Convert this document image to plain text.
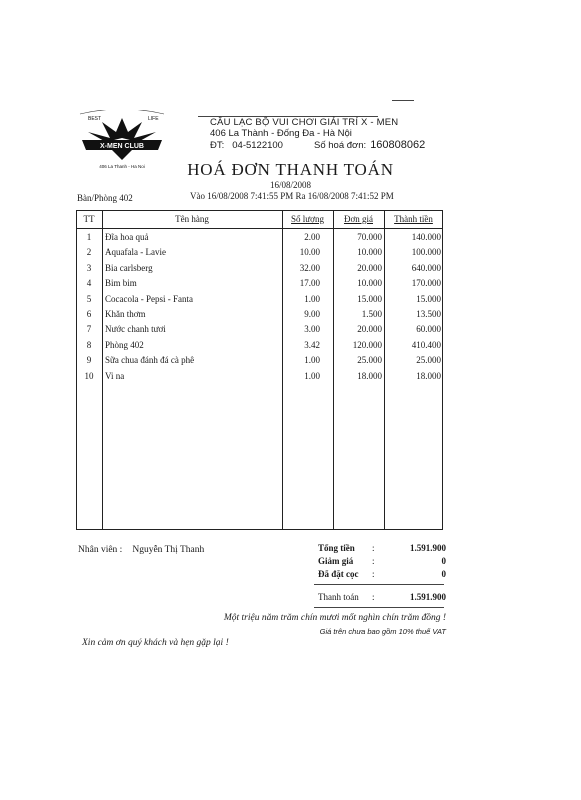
BEST	LIFE
X-MEN CLUB
406 La Thanh - Ha Noi
CÂU LẠC BỘ VUI CHƠI GIẢI TRÍ X - MEN
406 La Thành - Đống Đa - Hà Nội
ĐT: 04-5122100	Số hoá đơn: 160808062
HOÁ ĐƠN THANH TOÁN
16/08/2008
Bàn/Phòng 402	Vào 16/08/2008 7:41:55 PM Ra 16/08/2008 7:41:52 PM
TT	Tên hàng	Số lượng	Đơn giá	Thành tiền
1	Đĩa hoa quả	2.00	70.000	140.000
2	Aquafala - Lavie	10.00	10.000	100.000
3	Bia carlsberg	32.00	20.000	640.000
4	Bim bim	17.00	10.000	170.000
5	Cocacola - Pepsi - Fanta	1.00	15.000	15.000
6	Khăn thơm	9.00	1.500	13.500
7	Nước chanh tươi	3.00	20.000	60.000
8	Phòng 402	3.42	120.000	410.400
9	Sữa chua đánh đá cà phê	1.00	25.000	25.000
10	Vi na	1.00	18.000	18.000
Nhân viên : Nguyễn Thị Thanh	Tổng tiền :	1.591.900
Giảm giá :	0
Đã đặt cọc :	0
Thanh toán :	1.591.900
Một triệu năm trăm chín mươi mốt nghìn chín trăm đồng !
Giá trên chưa bao gồm 10% thuế VAT
Xin cảm ơn quý khách và hẹn gặp lại !
